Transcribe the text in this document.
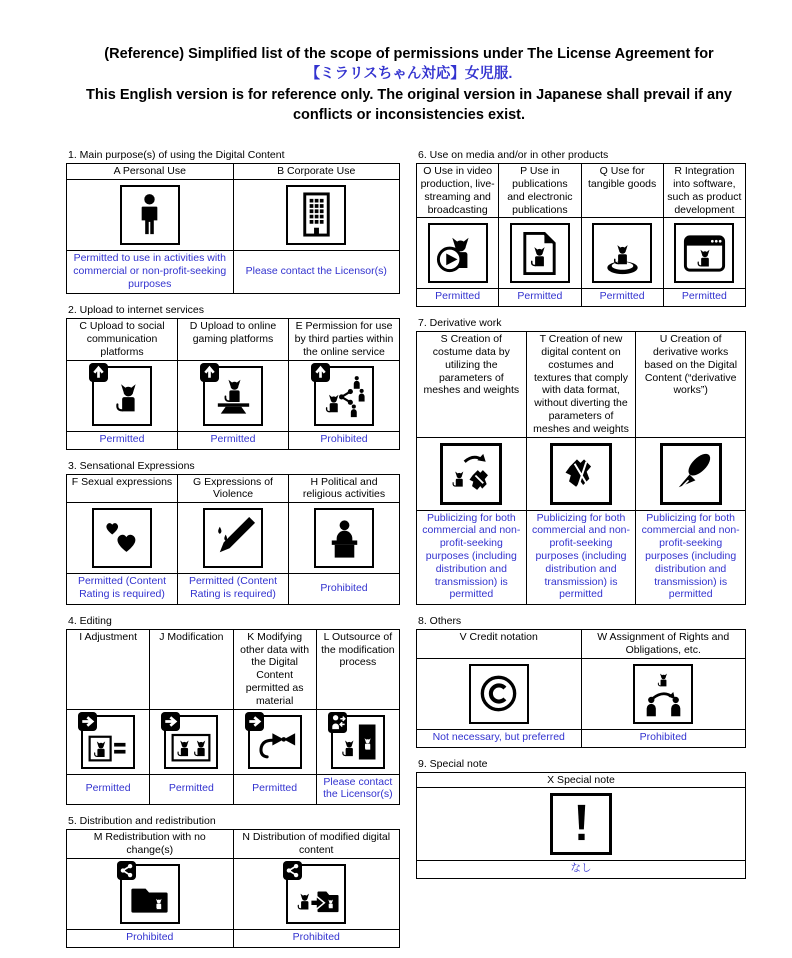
(Reference) Simplified list of the scope of permissions under The License Agreement for
【ミラリスちゃん対応】女児服.
This English version is for reference only. The original version in Japanese shall prevail if any conflicts or inconsistencies exist.
1. Main purpose(s) of using the Digital Content
A Personal Use	B Corporate Use

Permitted to use in activities with commercial or non-profit-seeking purposes	Please contact the Licensor(s)
2. Upload to internet services
C Upload to social communication platforms	D Upload to online gaming platforms	E Permission for use by third parties within the online service

Permitted	Permitted	Prohibited
3. Sensational Expressions
F Sexual expressions	G Expressions of Violence	H Political and religious activities

Permitted (Content Rating is required)	Permitted (Content Rating is required)	Prohibited
4. Editing
I Adjustment	J Modification	K Modifying other data with the Digital Content permitted as material	L Outsource of the modification process

Permitted	Permitted	Permitted	Please contact the Licensor(s)
5. Distribution and redistribution
M Redistribution with no change(s)	N Distribution of modified digital content

Prohibited	Prohibited
6. Use on media and/or in other products
O Use in video production, live-streaming and broadcasting	P Use in publications and electronic publications	Q Use for tangible goods	R Integration into software, such as product development

Permitted	Permitted	Permitted	Permitted
7. Derivative work
S Creation of costume data by utilizing the parameters of meshes and weights	T Creation of new digital content on costumes and textures that comply with data format, without diverting the parameters of meshes and weights	U Creation of derivative works based on the Digital Content (“derivative works”)

Publicizing for both commercial and non-profit-seeking purposes (including distribution and transmission) is permitted	Publicizing for both commercial and non-profit-seeking purposes (including distribution and transmission) is permitted	Publicizing for both commercial and non-profit-seeking purposes (including distribution and transmission) is permitted
8. Others
V Credit notation	W Assignment of Rights and Obligations, etc.

Not necessary, but preferred	Prohibited
9. Special note
X Special note

なし
